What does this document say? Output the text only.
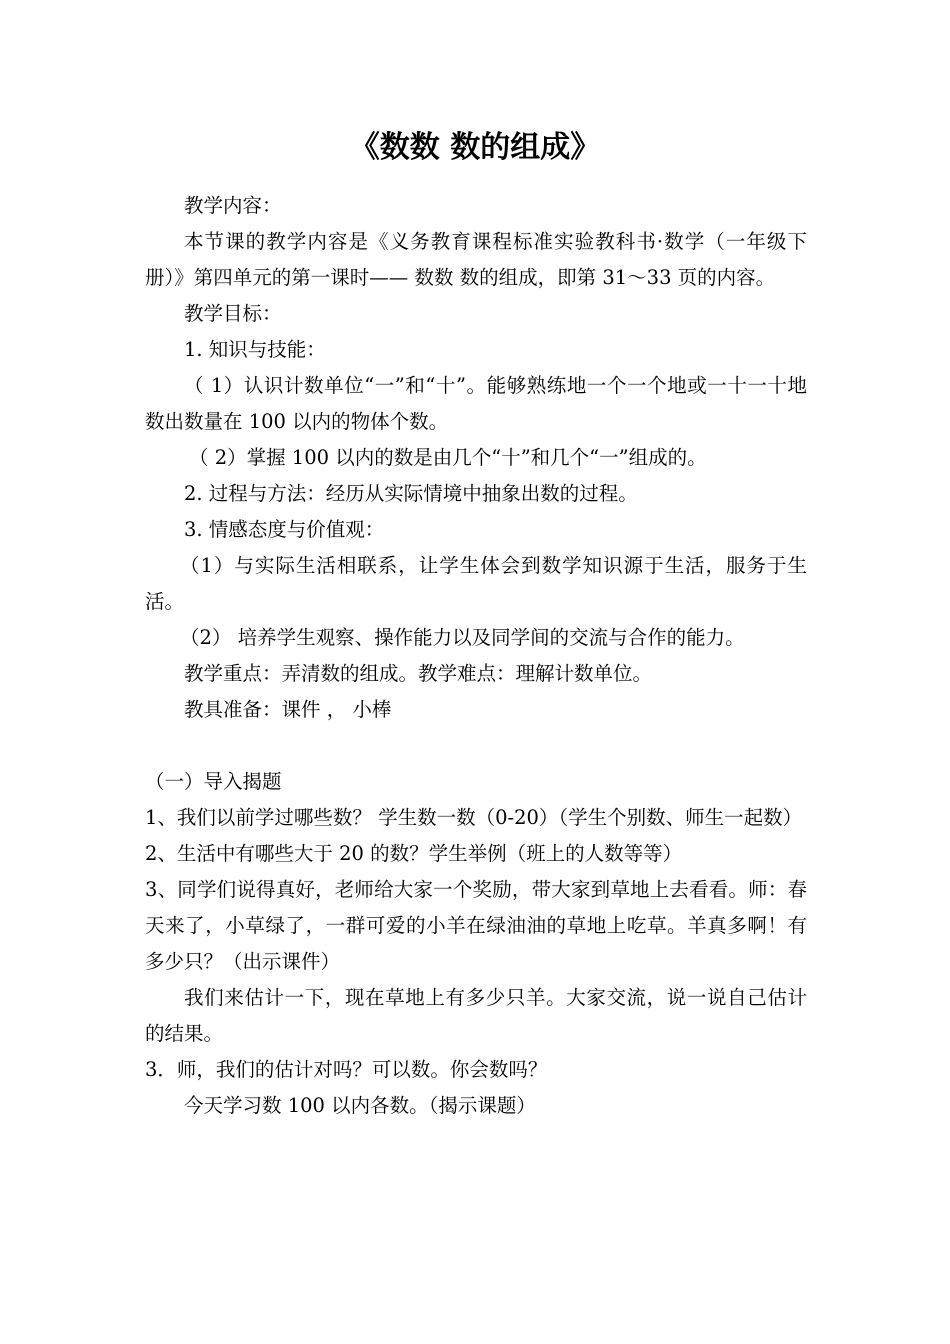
《数数 数的组成》

教学内容：

本节课的教学内容是《义务教育课程标准实验教科书·数学（一年级下册）》第四单元的第一课时—— 数数 数的组成，即第 31～33 页的内容。

教学目标：

1. 知识与技能：

（ 1）认识计数单位“一”和“十”。能够熟练地一个一个地或一十一十地数出数量在 100 以内的物体个数。

（ 2）掌握 100 以内的数是由几个“十”和几个“一”组成的。

2. 过程与方法：经历从实际情境中抽象出数的过程。

3. 情感态度与价值观：

（1）与实际生活相联系，让学生体会到数学知识源于生活，服务于生活。

（2） 培养学生观察、操作能力以及同学间的交流与合作的能力。

教学重点：弄清数的组成。教学难点：理解计数单位。

教具准备：课件 ， 小棒

（一）导入揭题

1、我们以前学过哪些数？ 学生数一数（0-20）（学生个别数、师生一起数）

2、生活中有哪些大于 20 的数？学生举例（班上的人数等等）

3、同学们说得真好，老师给大家一个奖励，带大家到草地上去看看。师：春天来了，小草绿了，一群可爱的小羊在绿油油的草地上吃草。羊真多啊！有多少只？（出示课件）

我们来估计一下，现在草地上有多少只羊。大家交流，说一说自己估计的结果。

3．师，我们的估计对吗？可以数。你会数吗？

今天学习数 100 以内各数。（揭示课题）
